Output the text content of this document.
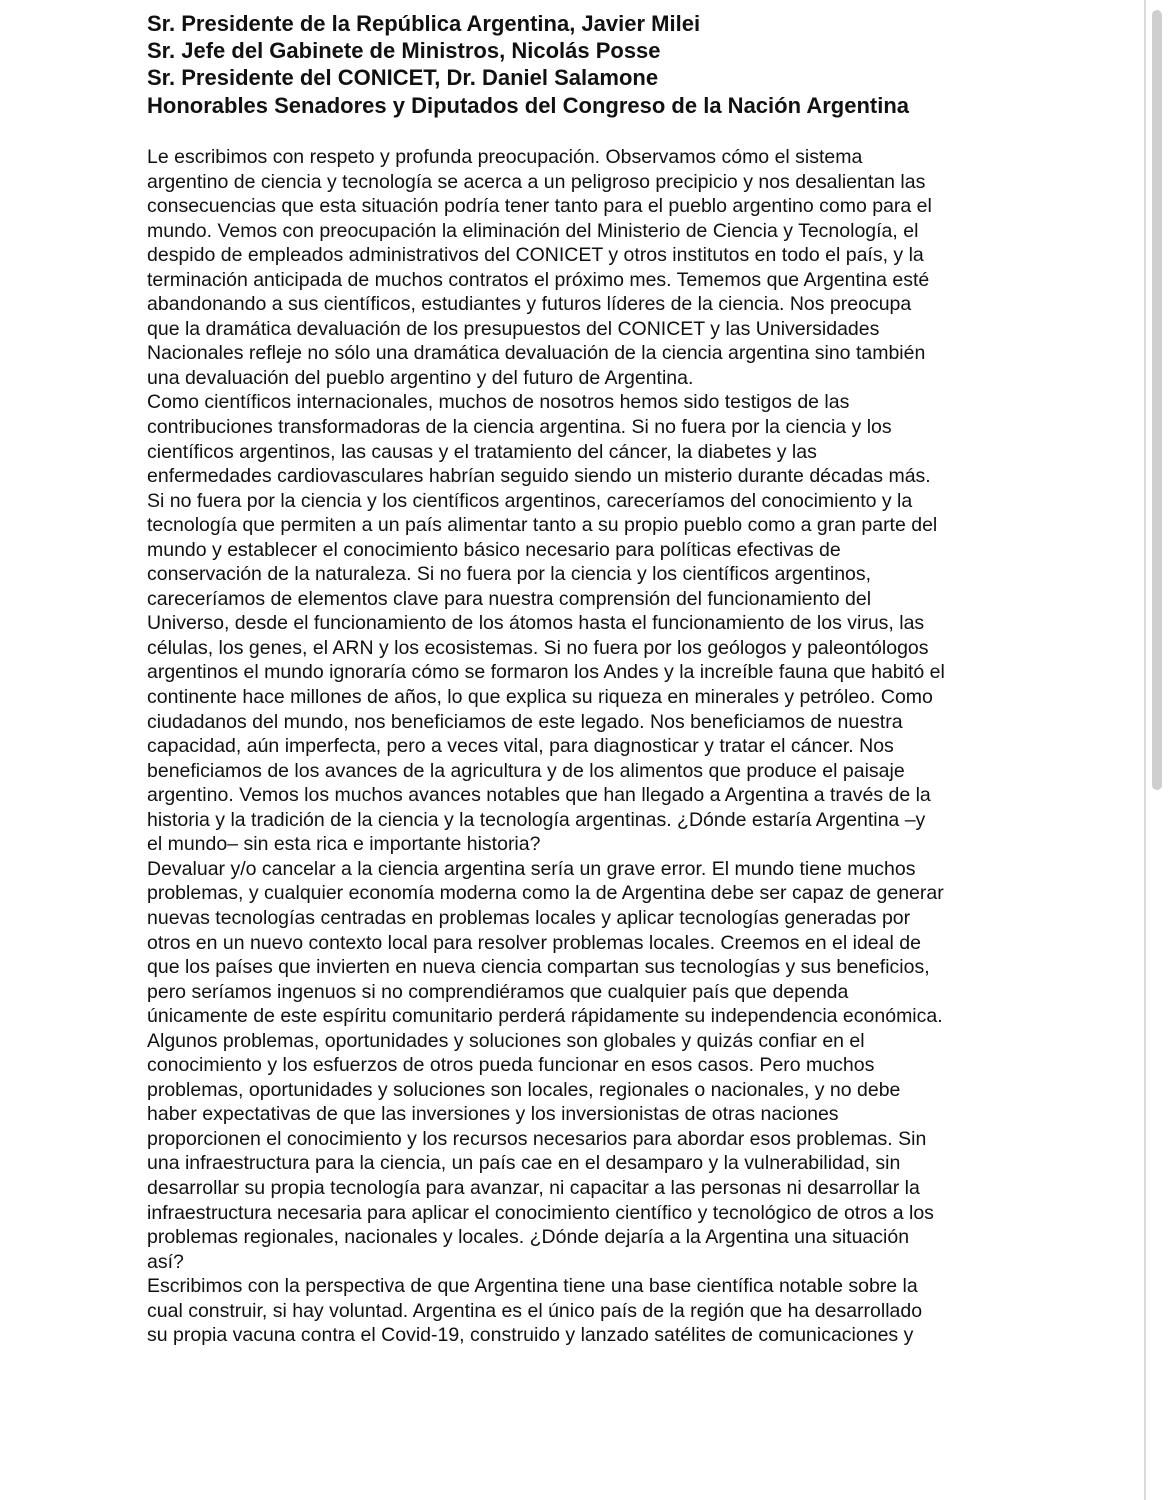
Sr. Presidente de la República Argentina, Javier Milei

Sr. Jefe del Gabinete de Ministros, Nicolás Posse

Sr. Presidente del CONICET, Dr. Daniel Salamone

Honorables Senadores y Diputados del Congreso de la Nación Argentina

Le escribimos con respeto y profunda preocupación. Observamos cómo el sistema

argentino de ciencia y tecnología se acerca a un peligroso precipicio y nos desalientan las

consecuencias que esta situación podría tener tanto para el pueblo argentino como para el

mundo. Vemos con preocupación la eliminación del Ministerio de Ciencia y Tecnología, el

despido de empleados administrativos del CONICET y otros institutos en todo el país, y la

terminación anticipada de muchos contratos el próximo mes. Tememos que Argentina esté

abandonando a sus científicos, estudiantes y futuros líderes de la ciencia. Nos preocupa

que la dramática devaluación de los presupuestos del CONICET y las Universidades

Nacionales refleje no sólo una dramática devaluación de la ciencia argentina sino también

una devaluación del pueblo argentino y del futuro de Argentina.

Como científicos internacionales, muchos de nosotros hemos sido testigos de las

contribuciones transformadoras de la ciencia argentina. Si no fuera por la ciencia y los

científicos argentinos, las causas y el tratamiento del cáncer, la diabetes y las

enfermedades cardiovasculares habrían seguido siendo un misterio durante décadas más.

Si no fuera por la ciencia y los científicos argentinos, careceríamos del conocimiento y la

tecnología que permiten a un país alimentar tanto a su propio pueblo como a gran parte del

mundo y establecer el conocimiento básico necesario para políticas efectivas de

conservación de la naturaleza. Si no fuera por la ciencia y los científicos argentinos,

careceríamos de elementos clave para nuestra comprensión del funcionamiento del

Universo, desde el funcionamiento de los átomos hasta el funcionamiento de los virus, las

células, los genes, el ARN y los ecosistemas. Si no fuera por los geólogos y paleontólogos

argentinos el mundo ignoraría cómo se formaron los Andes y la increíble fauna que habitó el

continente hace millones de años, lo que explica su riqueza en minerales y petróleo. Como

ciudadanos del mundo, nos beneficiamos de este legado. Nos beneficiamos de nuestra

capacidad, aún imperfecta, pero a veces vital, para diagnosticar y tratar el cáncer. Nos

beneficiamos de los avances de la agricultura y de los alimentos que produce el paisaje

argentino. Vemos los muchos avances notables que han llegado a Argentina a través de la

historia y la tradición de la ciencia y la tecnología argentinas. ¿Dónde estaría Argentina –y

el mundo– sin esta rica e importante historia?

Devaluar y/o cancelar a la ciencia argentina sería un grave error. El mundo tiene muchos

problemas, y cualquier economía moderna como la de Argentina debe ser capaz de generar

nuevas tecnologías centradas en problemas locales y aplicar tecnologías generadas por

otros en un nuevo contexto local para resolver problemas locales. Creemos en el ideal de

que los países que invierten en nueva ciencia compartan sus tecnologías y sus beneficios,

pero seríamos ingenuos si no comprendiéramos que cualquier país que dependa

únicamente de este espíritu comunitario perderá rápidamente su independencia económica.

Algunos problemas, oportunidades y soluciones son globales y quizás confiar en el

conocimiento y los esfuerzos de otros pueda funcionar en esos casos. Pero muchos

problemas, oportunidades y soluciones son locales, regionales o nacionales, y no debe

haber expectativas de que las inversiones y los inversionistas de otras naciones

proporcionen el conocimiento y los recursos necesarios para abordar esos problemas. Sin

una infraestructura para la ciencia, un país cae en el desamparo y la vulnerabilidad, sin

desarrollar su propia tecnología para avanzar, ni capacitar a las personas ni desarrollar la

infraestructura necesaria para aplicar el conocimiento científico y tecnológico de otros a los

problemas regionales, nacionales y locales. ¿Dónde dejaría a la Argentina una situación

así?

Escribimos con la perspectiva de que Argentina tiene una base científica notable sobre la

cual construir, si hay voluntad. Argentina es el único país de la región que ha desarrollado

su propia vacuna contra el Covid-19, construido y lanzado satélites de comunicaciones y
